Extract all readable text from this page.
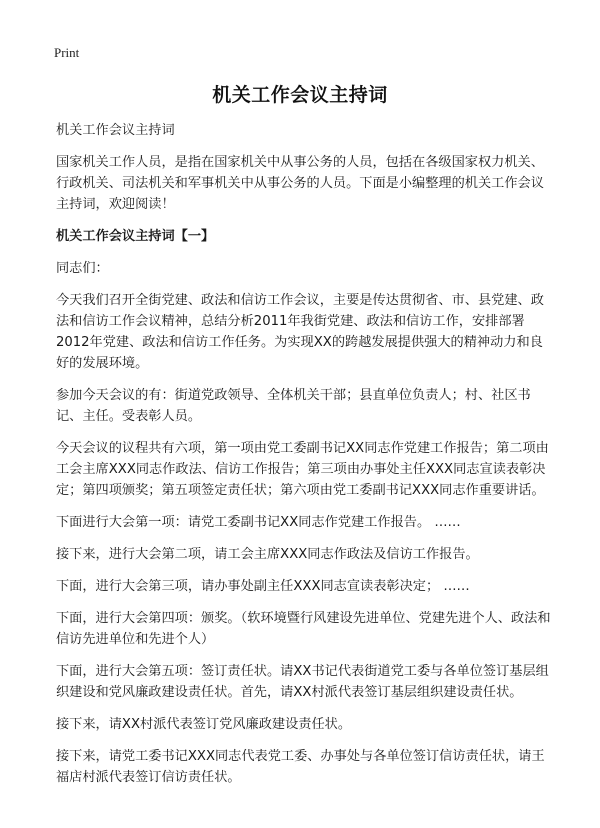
Print
机关工作会议主持词

机关工作会议主持词

国家机关工作人员，是指在国家机关中从事公务的人员，包括在各级国家权力机关、行政机关、司法机关和军事机关中从事公务的人员。下面是小编整理的机关工作会议主持词，欢迎阅读！

机关工作会议主持词【一】

同志们：

今天我们召开全街党建、政法和信访工作会议，主要是传达贯彻省、市、县党建、政法和信访工作会议精神，总结分析2011年我街党建、政法和信访工作，安排部署2012年党建、政法和信访工作任务。为实现XX的跨越发展提供强大的精神动力和良好的发展环境。

参加今天会议的有：街道党政领导、全体机关干部；县直单位负责人；村、社区书记、主任。受表彰人员。

今天会议的议程共有六项，第一项由党工委副书记XX同志作党建工作报告；第二项由工会主席XXX同志作政法、信访工作报告；第三项由办事处主任XXX同志宣读表彰决定；第四项颁奖；第五项签定责任状；第六项由党工委副书记XXX同志作重要讲话。

下面进行大会第一项：请党工委副书记XX同志作党建工作报告。 ……

接下来，进行大会第二项，请工会主席XXX同志作政法及信访工作报告。

下面，进行大会第三项，请办事处副主任XXX同志宣读表彰决定； ……

下面，进行大会第四项：颁奖。（软环境暨行风建设先进单位、党建先进个人、政法和信访先进单位和先进个人）

下面，进行大会第五项：签订责任状。请XX书记代表街道党工委与各单位签订基层组织建设和党风廉政建设责任状。首先，请XX村派代表签订基层组织建设责任状。

接下来，请XX村派代表签订党风廉政建设责任状。

接下来，请党工委书记XXX同志代表党工委、办事处与各单位签订信访责任状，请王福店村派代表签订信访责任状。
